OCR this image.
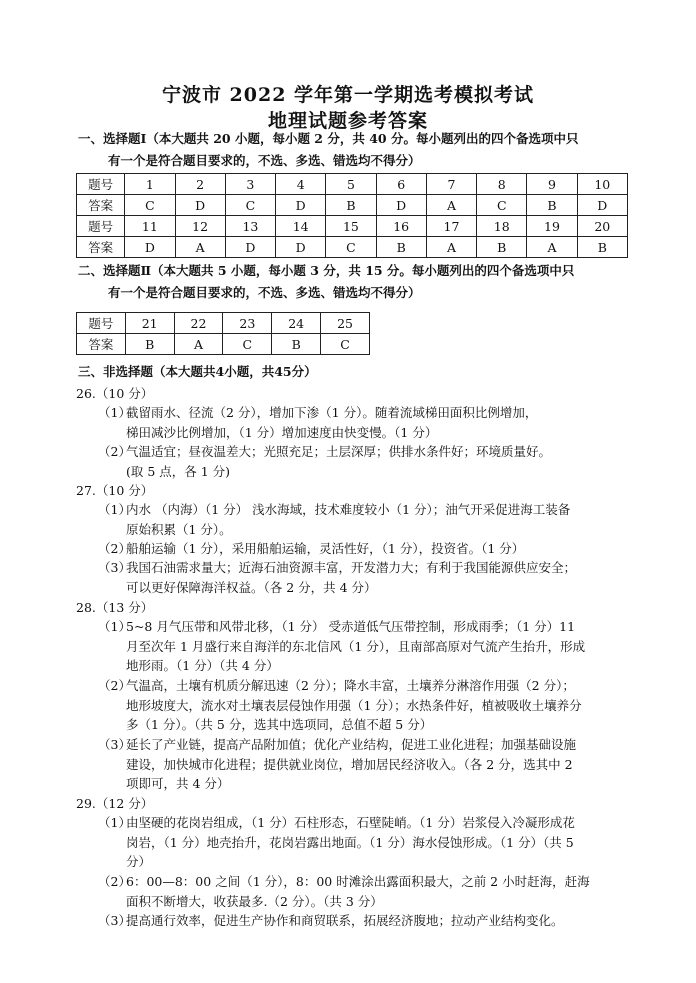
宁波市 2022 学年第一学期选考模拟考试
地理试题参考答案
一、选择题Ⅰ（本大题共 20 小题，每小题 2 分，共 40 分。每小题列出的四个备选项中只
有一个是符合题目要求的，不选、多选、错选均不得分）
题号	1	2	3	4	5	6	7	8	9	10
答案	C	D	C	D	B	D	A	C	B	D
题号	11	12	13	14	15	16	17	18	19	20
答案	D	A	D	D	C	B	A	B	A	B
二、选择题Ⅱ（本大题共 5 小题，每小题 3 分，共 15 分。每小题列出的四个备选项中只
有一个是符合题目要求的，不选、多选、错选均不得分）
题号	21	22	23	24	25
答案	B	A	C	B	C
三、非选择题（本大题共4小题，共45分）
26.（10 分）
（1）
截留雨水、径流（2 分），增加下渗（1 分）。随着流域梯田面积比例增加，
梯田减沙比例增加，（1 分）增加速度由快变慢。（1 分）
（2）
气温适宜；昼夜温差大；光照充足；土层深厚；供排水条件好；环境质量好。
(取 5 点，各 1 分)
27.（10 分）
（1）
内水 （内海）（1 分） 浅水海域，技术难度较小（1 分）；油气开采促进海工装备
原始积累（1 分）。
（2）
船舶运输（1 分），采用船舶运输，灵活性好，（1 分），投资省。（1 分）
（3）
我国石油需求量大；近海石油资源丰富，开发潜力大；有利于我国能源供应安全；
可以更好保障海洋权益。（各 2 分，共 4 分）
28.（13 分）
（1）
5~8 月气压带和风带北移，（1 分） 受赤道低气压带控制，形成雨季；（1 分）11
月至次年 1 月盛行来自海洋的东北信风（1 分），且南部高原对气流产生抬升，形成
地形雨。（1 分）（共 4 分）
（2）
气温高，土壤有机质分解迅速（2 分）；降水丰富，土壤养分淋溶作用强（2 分）；
地形坡度大，流水对土壤表层侵蚀作用强（1 分）；水热条件好，植被吸收土壤养分
多（1 分）。（共 5 分，选其中选项同，总值不超 5 分）
（3）
延长了产业链，提高产品附加值；优化产业结构，促进工业化进程；加强基础设施
建设，加快城市化进程；提供就业岗位，增加居民经济收入。（各 2 分，选其中 2
项即可，共 4 分）
29.（12 分）
（1）
由坚硬的花岗岩组成，（1 分）石柱形态，石壁陡峭。（1 分）岩浆侵入冷凝形成花
岗岩，（1 分）地壳抬升，花岗岩露出地面。（1 分）海水侵蚀形成。（1 分）（共 5
分）
（2）
6：00—8：00 之间（1 分），8：00 时滩涂出露面积最大，之前 2 小时赶海，赶海
面积不断增大，收获最多.（2 分）。（共 3 分）
（3）
提高通行效率，促进生产协作和商贸联系，拓展经济腹地；拉动产业结构变化。
